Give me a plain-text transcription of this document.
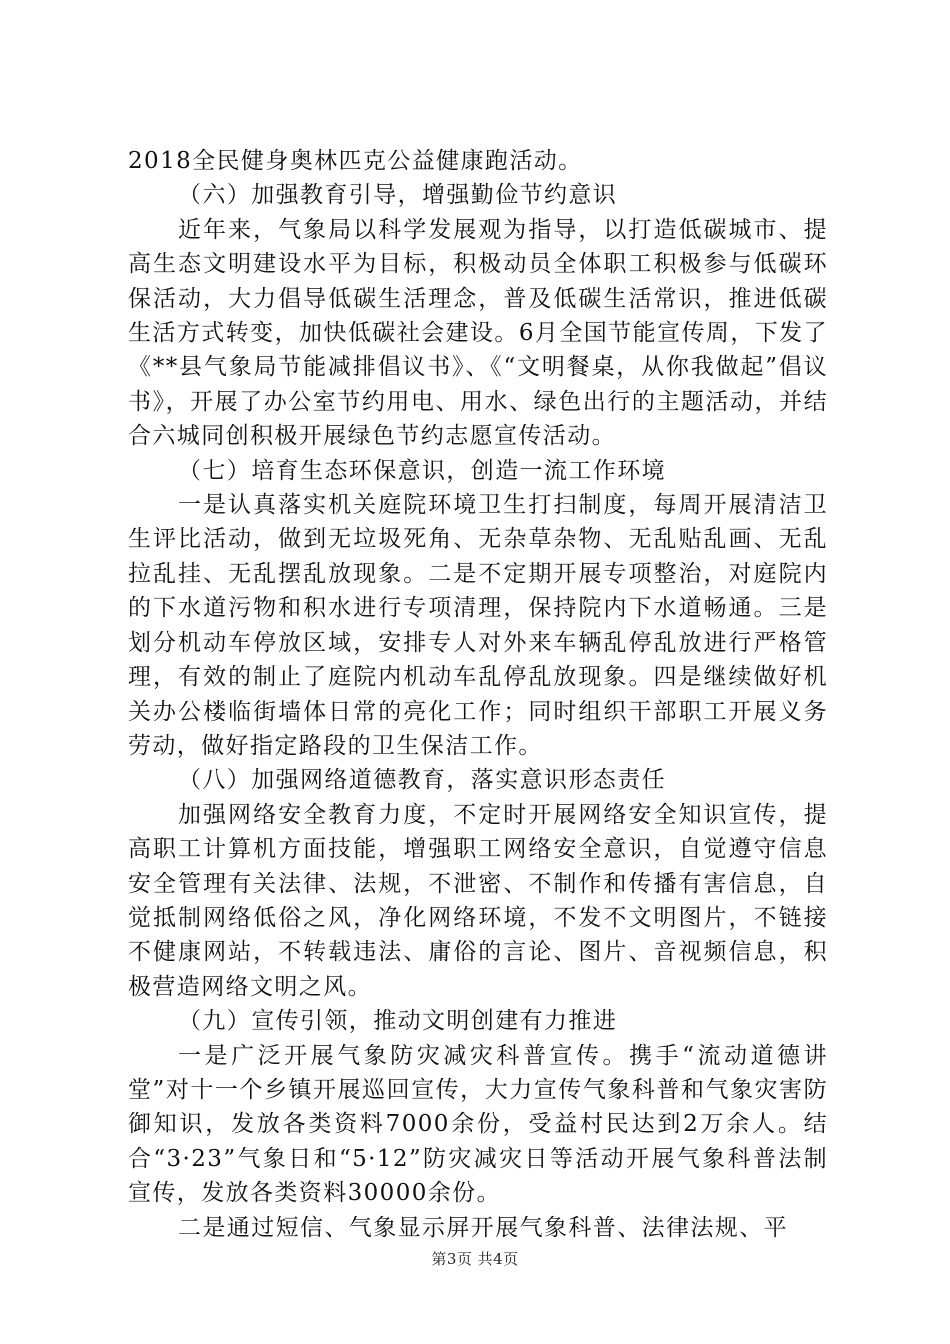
2018全民健身奥林匹克公益健康跑活动。

（六）加强教育引导，增强勤俭节约意识

近年来，气象局以科学发展观为指导，以打造低碳城市、提高生态文明建设水平为目标，积极动员全体职工积极参与低碳环保活动，大力倡导低碳生活理念，普及低碳生活常识，推进低碳生活方式转变，加快低碳社会建设。6月全国节能宣传周，下发了《**县气象局节能减排倡议书》、《“文明餐桌，从你我做起”倡议书》，开展了办公室节约用电、用水、绿色出行的主题活动，并结合六城同创积极开展绿色节约志愿宣传活动。

（七）培育生态环保意识，创造一流工作环境

一是认真落实机关庭院环境卫生打扫制度，每周开展清洁卫生评比活动，做到无垃圾死角、无杂草杂物、无乱贴乱画、无乱拉乱挂、无乱摆乱放现象。二是不定期开展专项整治，对庭院内的下水道污物和积水进行专项清理，保持院内下水道畅通。三是划分机动车停放区域，安排专人对外来车辆乱停乱放进行严格管理，有效的制止了庭院内机动车乱停乱放现象。四是继续做好机关办公楼临街墙体日常的亮化工作；同时组织干部职工开展义务劳动，做好指定路段的卫生保洁工作。

（八）加强网络道德教育，落实意识形态责任

加强网络安全教育力度，不定时开展网络安全知识宣传，提高职工计算机方面技能，增强职工网络安全意识，自觉遵守信息安全管理有关法律、法规，不泄密、不制作和传播有害信息，自觉抵制网络低俗之风，净化网络环境，不发不文明图片，不链接不健康网站，不转载违法、庸俗的言论、图片、音视频信息，积极营造网络文明之风。

（九）宣传引领，推动文明创建有力推进

一是广泛开展气象防灾减灾科普宣传。携手“流动道德讲堂”对十一个乡镇开展巡回宣传，大力宣传气象科普和气象灾害防御知识，发放各类资料7000余份，受益村民达到2万余人。结合“3·23”气象日和“5·12”防灾减灾日等活动开展气象科普法制宣传，发放各类资料30000余份。

二是通过短信、气象显示屏开展气象科普、法律法规、平

第3页 共4页
